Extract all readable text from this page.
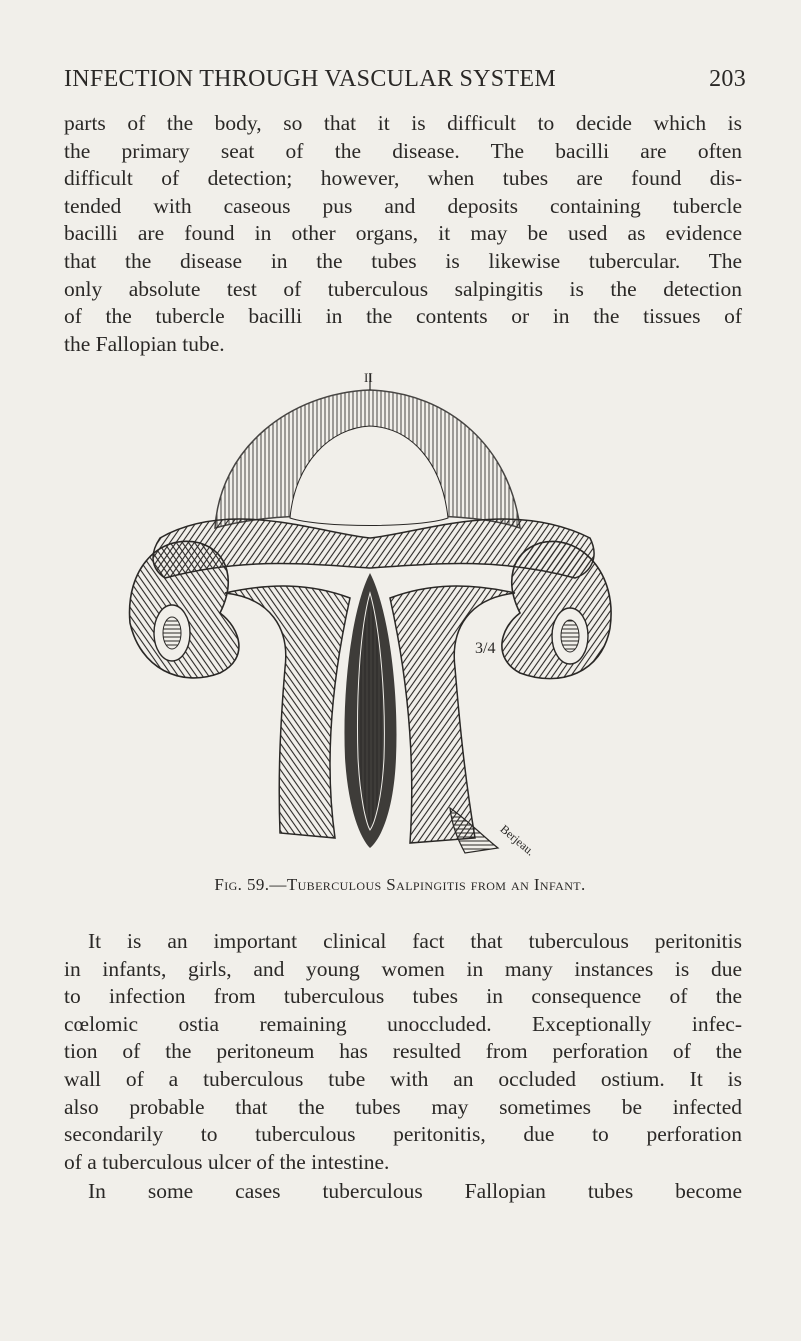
INFECTION THROUGH VASCULAR SYSTEM	203
parts of the body, so that it is difficult to decide which is
the primary seat of the disease. The bacilli are often
difficult of detection; however, when tubes are found dis-
tended with caseous pus and deposits containing tubercle
bacilli are found in other organs, it may be used as evidence
that the disease in the tubes is likewise tubercular. The
only absolute test of tuberculous salpingitis is the detection
of the tubercle bacilli in the contents or in the tissues of
the Fallopian tube.
II
3/4
Berjeau.
Fig. 59.—Tuberculous Salpingitis from an Infant.
It is an important clinical fact that tuberculous peritonitis
in infants, girls, and young women in many instances is due
to infection from tuberculous tubes in consequence of the
cœlomic ostia remaining unoccluded. Exceptionally infec-
tion of the peritoneum has resulted from perforation of the
wall of a tuberculous tube with an occluded ostium. It is
also probable that the tubes may sometimes be infected
secondarily to tuberculous peritonitis, due to perforation
of a tuberculous ulcer of the intestine.
In some cases tuberculous Fallopian tubes become
